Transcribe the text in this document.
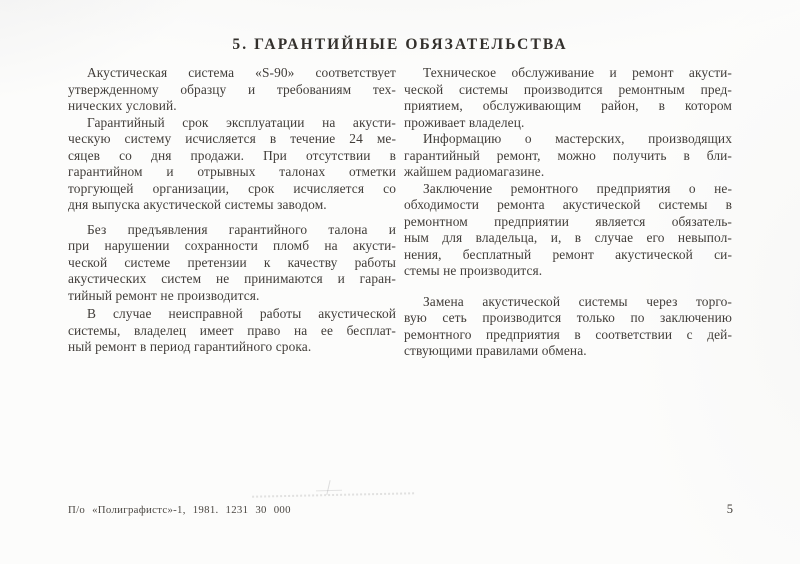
5. ГАРАНТИЙНЫЕ ОБЯЗАТЕЛЬСТВА
Акустическая система «S-90» соответствует
утвержденному образцу и требованиям тех-
нических условий.
Гарантийный срок эксплуатации на акусти-
ческую систему исчисляется в течение 24 ме-
сяцев со дня продажи. При отсутствии в
гарантийном и отрывных талонах отметки
торгующей организации, срок исчисляется со
дня выпуска акустической системы заводом.
Без предъявления гарантийного талона и
при нарушении сохранности пломб на акусти-
ческой системе претензии к качеству работы
акустических систем не принимаются и гаран-
тийный ремонт не производится.
В случае неисправной работы акустической
системы, владелец имеет право на ее бесплат-
ный ремонт в период гарантийного срока.
Техническое обслуживание и ремонт акусти-
ческой системы производится ремонтным пред-
приятием, обслуживающим район, в котором
проживает владелец.
Информацию о мастерских, производящих
гарантийный ремонт, можно получить в бли-
жайшем радиомагазине.
Заключение ремонтного предприятия о не-
обходимости ремонта акустической системы в
ремонтном предприятии является обязатель-
ным для владельца, и, в случае его невыпол-
нения, бесплатный ремонт акустической си-
стемы не производится.
Замена акустической системы через торго-
вую сеть производится только по заключению
ремонтного предприятия в соответствии с дей-
ствующими правилами обмена.
П/о «Полиграфистс»-1, 1981. 1231 30 000	5
